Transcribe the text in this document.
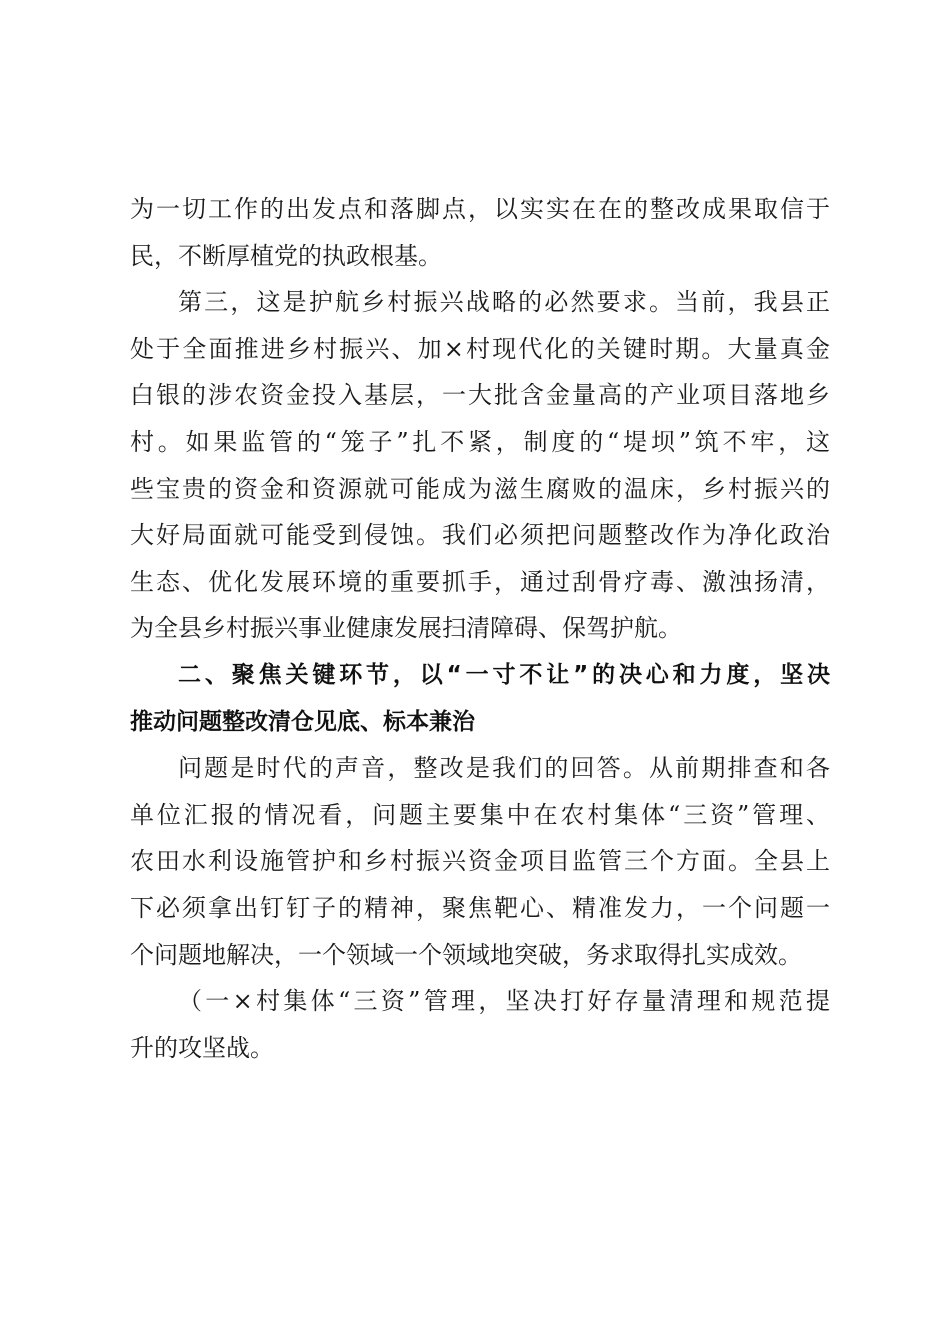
为一切工作的出发点和落脚点，以实实在在的整改成果取信于
民，不断厚植党的执政根基。
第三，这是护航乡村振兴战略的必然要求。当前，我县正
处于全面推进乡村振兴、加×村现代化的关键时期。大量真金
白银的涉农资金投入基层，一大批含金量高的产业项目落地乡
村。如果监管的“笼子”扎不紧，制度的“堤坝”筑不牢，这
些宝贵的资金和资源就可能成为滋生腐败的温床，乡村振兴的
大好局面就可能受到侵蚀。我们必须把问题整改作为净化政治
生态、优化发展环境的重要抓手，通过刮骨疗毒、激浊扬清，
为全县乡村振兴事业健康发展扫清障碍、保驾护航。
二、聚焦关键环节，以“一寸不让”的决心和力度，坚决
推动问题整改清仓见底、标本兼治
问题是时代的声音，整改是我们的回答。从前期排查和各
单位汇报的情况看，问题主要集中在农村集体“三资”管理、
农田水利设施管护和乡村振兴资金项目监管三个方面。全县上
下必须拿出钉钉子的精神，聚焦靶心、精准发力，一个问题一
个问题地解决，一个领域一个领域地突破，务求取得扎实成效。
（一×村集体“三资”管理，坚决打好存量清理和规范提
升的攻坚战。
